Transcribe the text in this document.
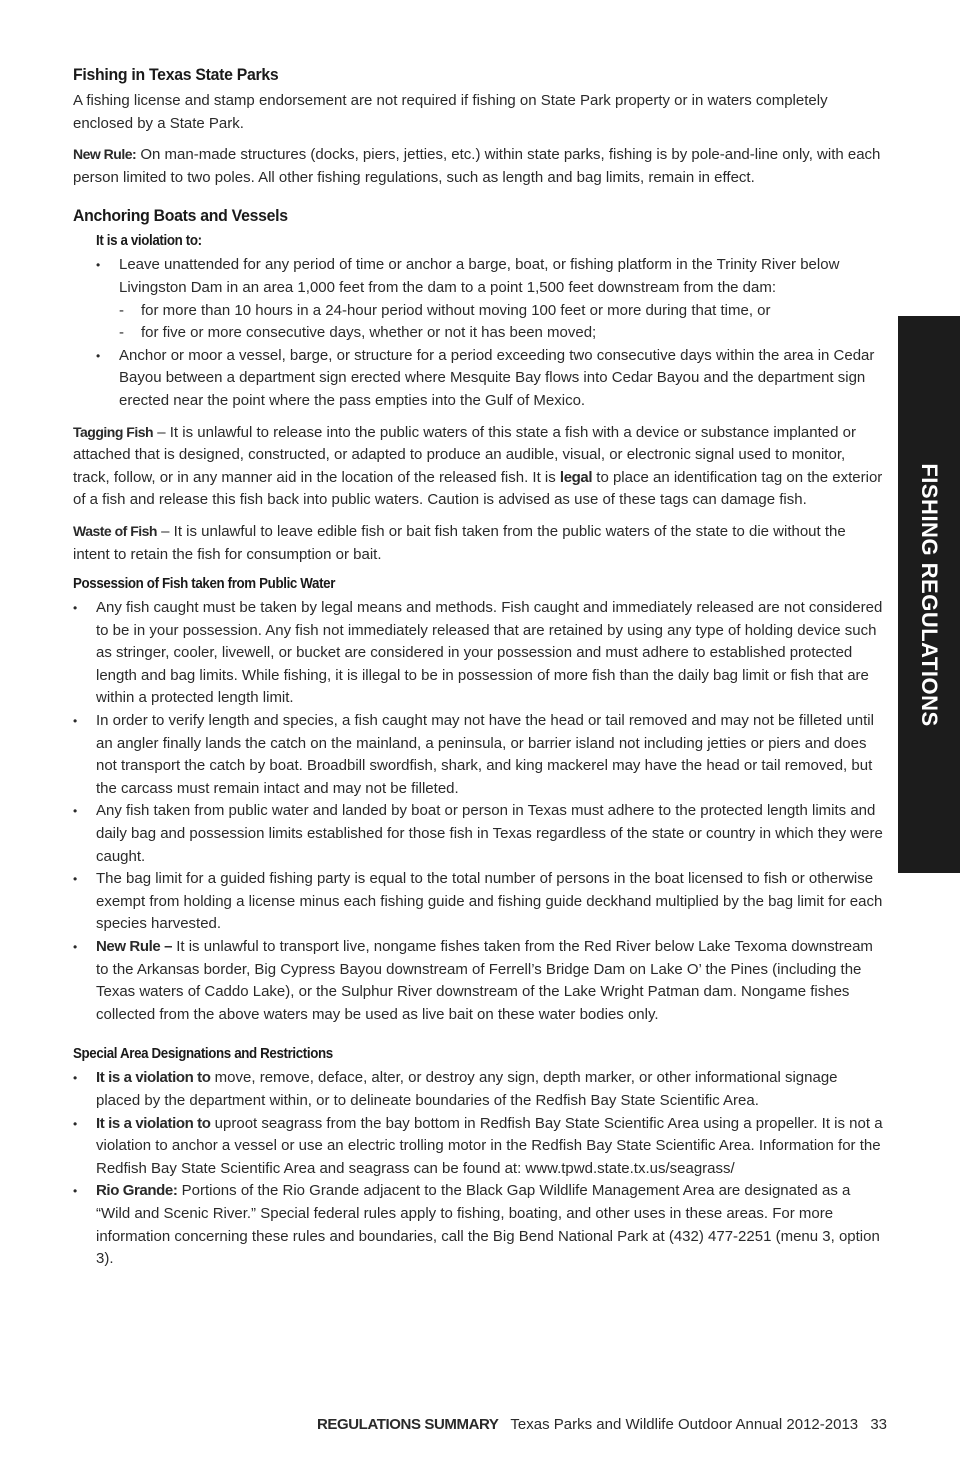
FISHING REGULATIONS
Fishing in Texas State Parks

A fishing license and stamp endorsement are not required if fishing on State Park property or in waters completely enclosed by a State Park.

New Rule: On man-made structures (docks, piers, jetties, etc.) within state parks, fishing is by pole-and-line only, with each person limited to two poles. All other fishing regulations, such as length and bag limits, remain in effect.

Anchoring Boats and Vessels
It is a violation to:
• Leave unattended for any period of time or anchor a barge, boat, or fishing platform in the Trinity River below Livingston Dam in an area 1,000 feet from the dam to a point 1,500 feet downstream from the dam:
- for more than 10 hours in a 24-hour period without moving 100 feet or more during that time, or
- for five or more consecutive days, whether or not it has been moved;
• Anchor or moor a vessel, barge, or structure for a period exceeding two consecutive days within the area in Cedar Bayou between a department sign erected where Mesquite Bay flows into Cedar Bayou and the department sign erected near the point where the pass empties into the Gulf of Mexico.

Tagging Fish – It is unlawful to release into the public waters of this state a fish with a device or substance implanted or attached that is designed, constructed, or adapted to produce an audible, visual, or electronic signal used to monitor, track, follow, or in any manner aid in the location of the released fish. It is legal to place an identification tag on the exterior of a fish and release this fish back into public waters. Caution is advised as use of these tags can damage fish.

Waste of Fish – It is unlawful to leave edible fish or bait fish taken from the public waters of the state to die without the intent to retain the fish for consumption or bait.

Possession of Fish taken from Public Water
• Any fish caught must be taken by legal means and methods. Fish caught and immediately released are not considered to be in your possession. Any fish not immediately released that are retained by using any type of holding device such as stringer, cooler, livewell, or bucket are considered in your possession and must adhere to established protected length and bag limits. While fishing, it is illegal to be in possession of more fish than the daily bag limit or fish that are within a protected length limit.
• In order to verify length and species, a fish caught may not have the head or tail removed and may not be filleted until an angler finally lands the catch on the mainland, a peninsula, or barrier island not including jetties or piers and does not transport the catch by boat. Broadbill swordfish, shark, and king mackerel may have the head or tail removed, but the carcass must remain intact and may not be filleted.
• Any fish taken from public water and landed by boat or person in Texas must adhere to the protected length limits and daily bag and possession limits established for those fish in Texas regardless of the state or country in which they were caught.
• The bag limit for a guided fishing party is equal to the total number of persons in the boat licensed to fish or otherwise exempt from holding a license minus each fishing guide and fishing guide deckhand multiplied by the bag limit for each species harvested.
• New Rule – It is unlawful to transport live, nongame fishes taken from the Red River below Lake Texoma downstream to the Arkansas border, Big Cypress Bayou downstream of Ferrell’s Bridge Dam on Lake O’ the Pines (including the Texas waters of Caddo Lake), or the Sulphur River downstream of the Lake Wright Patman dam. Nongame fishes collected from the above waters may be used as live bait on these water bodies only.
Special Area Designations and Restrictions
• It is a violation to move, remove, deface, alter, or destroy any sign, depth marker, or other informational signage placed by the department within, or to delineate boundaries of the Redfish Bay State Scientific Area.
• It is a violation to uproot seagrass from the bay bottom in Redfish Bay State Scientific Area using a propeller. It is not a violation to anchor a vessel or use an electric trolling motor in the Redfish Bay State Scientific Area. Information for the Redfish Bay State Scientific Area and seagrass can be found at: www.tpwd.state.tx.us/seagrass/
• Rio Grande: Portions of the Rio Grande adjacent to the Black Gap Wildlife Management Area are designated as a “Wild and Scenic River.” Special federal rules apply to fishing, boating, and other uses in these areas. For more information concerning these rules and boundaries, call the Big Bend National Park at (432) 477-2251 (menu 3, option 3).
REGULATIONS SUMMARY Texas Parks and Wildlife Outdoor Annual 2012-2013 33
